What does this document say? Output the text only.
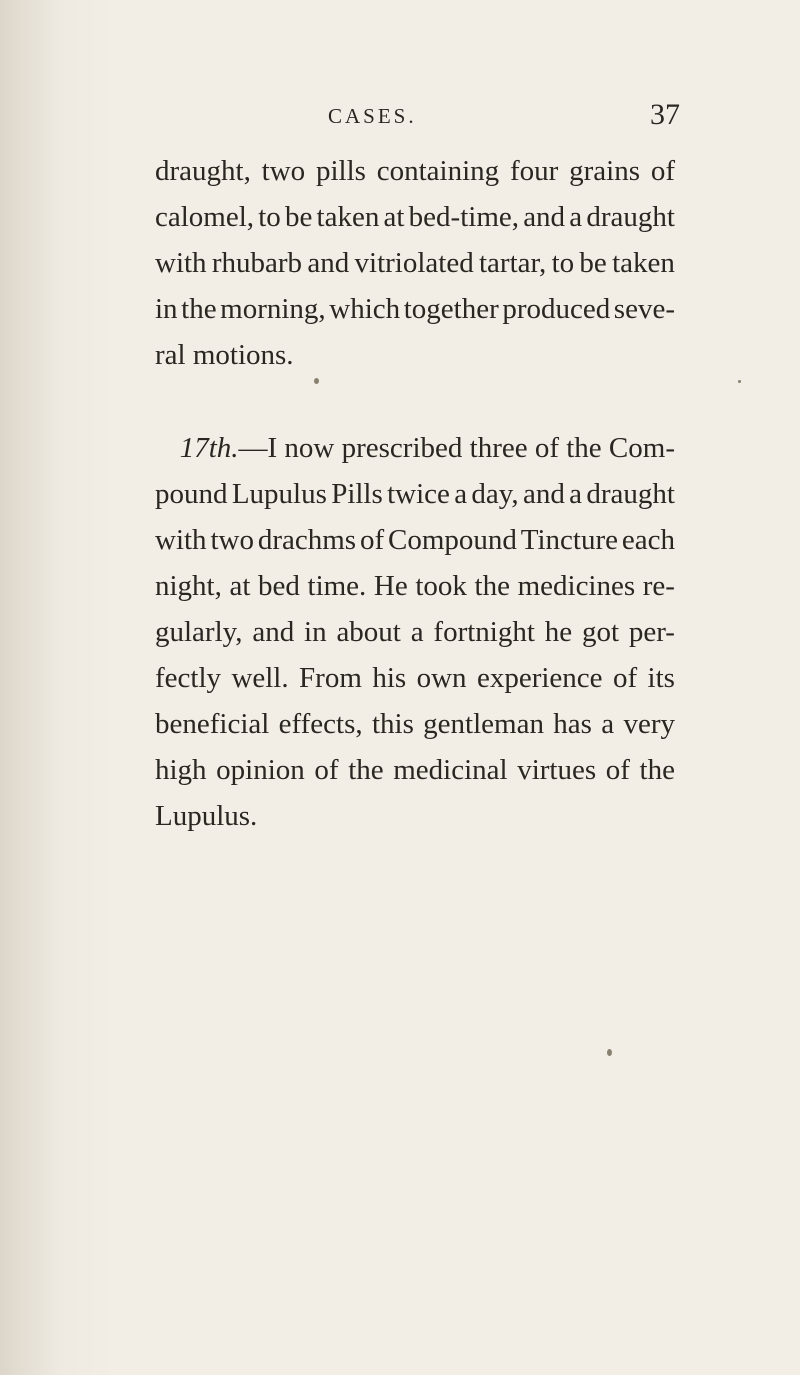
CASES.	37
draught, two pills containing four grains of
calomel, to be taken at bed-time, and a draught
with rhubarb and vitriolated tartar, to be taken
in the morning, which together produced seve-
ral motions.
17th. —I now prescribed three of the Com-
pound Lupulus Pills twice a day, and a draught
with two drachms of Compound Tincture each
night, at bed time. He took the medicines re-
gularly, and in about a fortnight he got per-
fectly well. From his own experience of its
beneficial effects, this gentleman has a very
high opinion of the medicinal virtues of the
Lupulus.
